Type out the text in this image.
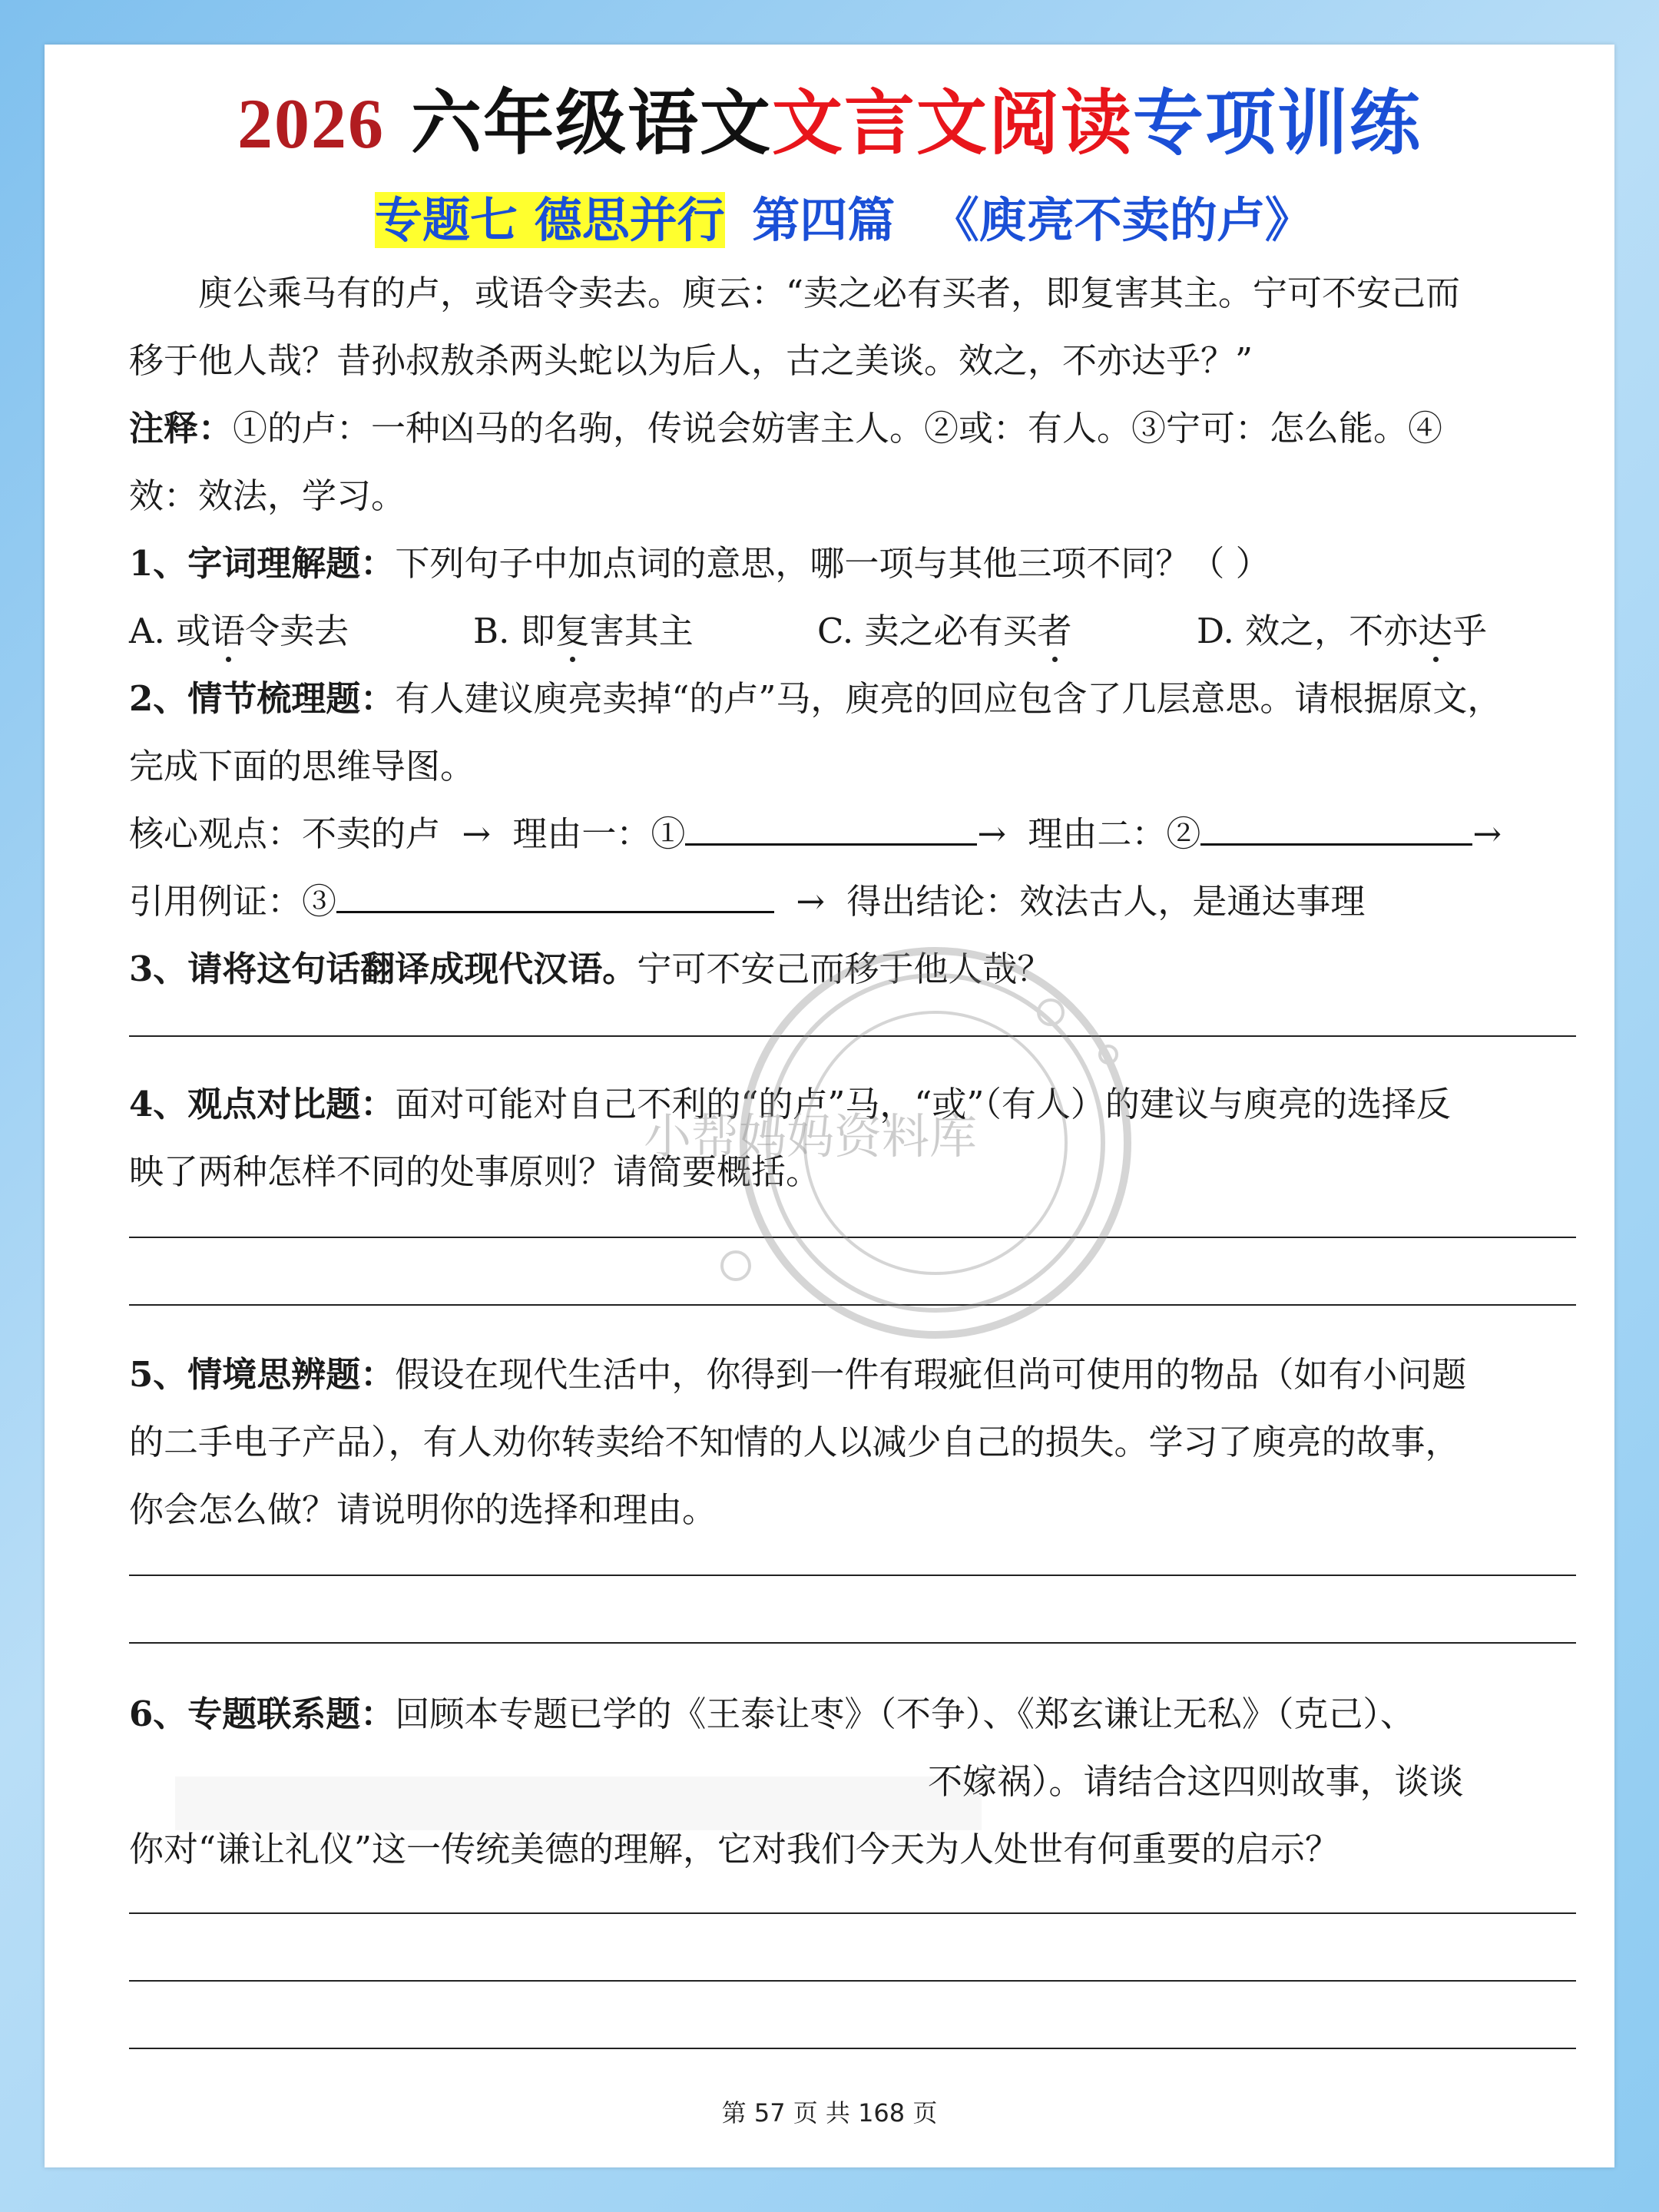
2026 六年级语文文言文阅读专项训练
专题七 德思并行 第四篇 《庾亮不卖的卢》
庾公乘马有的卢，或语令卖去。庾云：“卖之必有买者，即复害其主。宁可不安己而
移于他人哉？昔孙叔敖杀两头蛇以为后人，古之美谈。效之，不亦达乎？”
注释：①的卢：一种凶马的名驹，传说会妨害主人。②或：有人。③宁可：怎么能。④
效：效法，学习。
1、字词理解题：下列句子中加点词的意思，哪一项与其他三项不同？（ ）
A. 或语令卖去	B. 即复害其主	C. 卖之必有买者	D. 效之，不亦达乎
2、情节梳理题：有人建议庾亮卖掉“的卢”马，庾亮的回应包含了几层意思。请根据原文，
完成下面的思维导图。
核心观点：不卖的卢 → 理由一：①	→ 理由二：②	→
引用例证：③	→ 得出结论：效法古人，是通达事理
3、请将这句话翻译成现代汉语。宁可不安己而移于他人哉？
4、观点对比题：面对可能对自己不利的“的卢”马，“或”（有人）的建议与庾亮的选择反
映了两种怎样不同的处事原则？请简要概括。
5、情境思辨题：假设在现代生活中，你得到一件有瑕疵但尚可使用的物品（如有小问题
的二手电子产品），有人劝你转卖给不知情的人以减少自己的损失。学习了庾亮的故事，
你会怎么做？请说明你的选择和理由。
6、专题联系题：回顾本专题已学的《王泰让枣》（不争）、《郑玄谦让无私》（克己）、
不嫁祸）。请结合这四则故事，谈谈
你对“谦让礼仪”这一传统美德的理解，它对我们今天为人处世有何重要的启示？
小帮妈妈资料库
第 57 页 共 168 页
